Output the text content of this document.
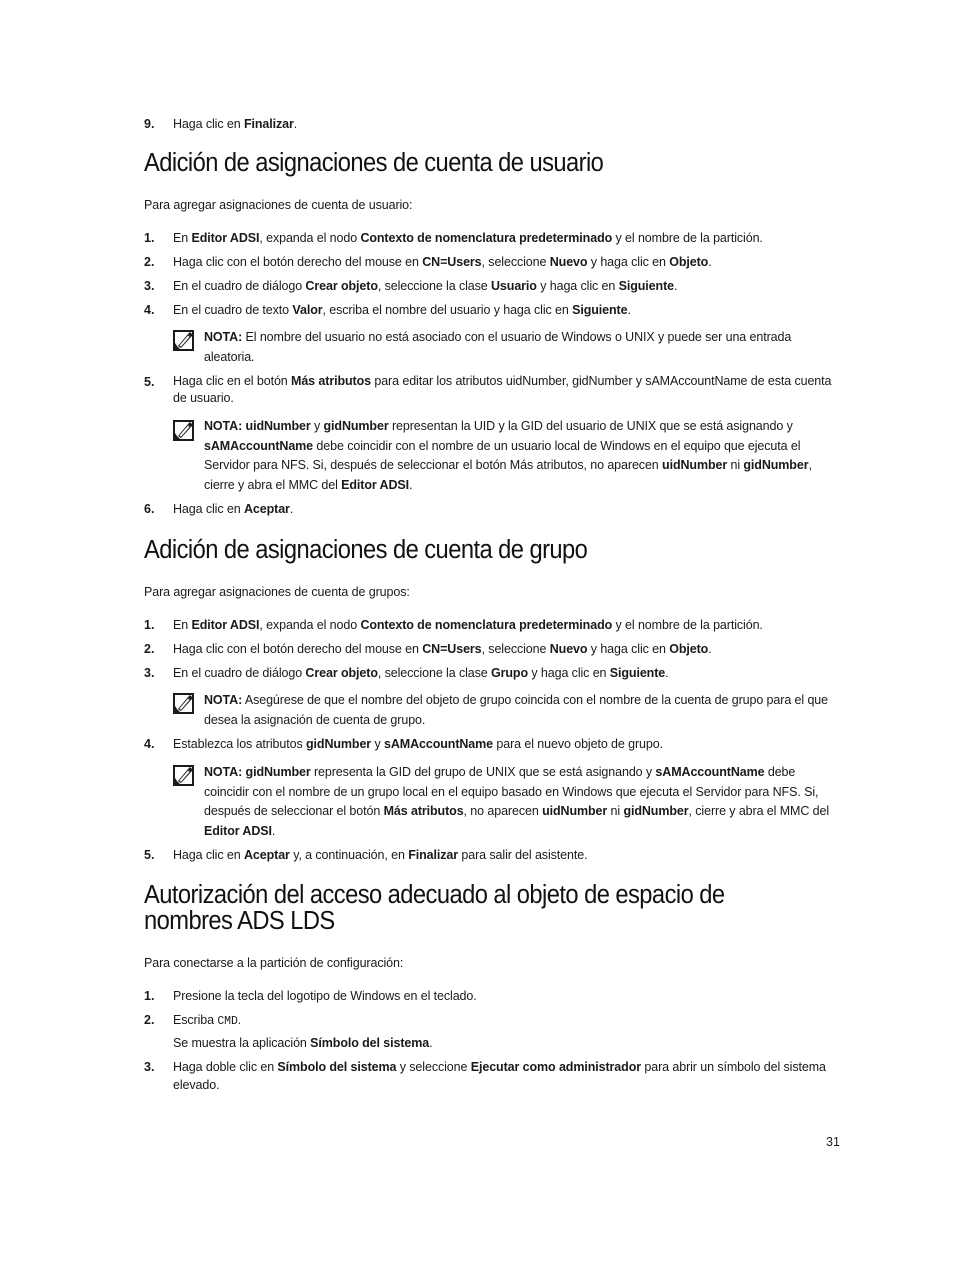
9. Haga clic en Finalizar.
Adición de asignaciones de cuenta de usuario
Para agregar asignaciones de cuenta de usuario:
1. En Editor ADSI, expanda el nodo Contexto de nomenclatura predeterminado y el nombre de la partición.
2. Haga clic con el botón derecho del mouse en CN=Users, seleccione Nuevo y haga clic en Objeto.
3. En el cuadro de diálogo Crear objeto, seleccione la clase Usuario y haga clic en Siguiente.
4. En el cuadro de texto Valor, escriba el nombre del usuario y haga clic en Siguiente.
NOTA: El nombre del usuario no está asociado con el usuario de Windows o UNIX y puede ser una entrada aleatoria.
5. Haga clic en el botón Más atributos para editar los atributos uidNumber, gidNumber y sAMAccountName de esta cuenta de usuario.
NOTA: uidNumber y gidNumber representan la UID y la GID del usuario de UNIX que se está asignando y sAMAccountName debe coincidir con el nombre de un usuario local de Windows en el equipo que ejecuta el Servidor para NFS. Si, después de seleccionar el botón Más atributos, no aparecen uidNumber ni gidNumber, cierre y abra el MMC del Editor ADSI.
6. Haga clic en Aceptar.
Adición de asignaciones de cuenta de grupo
Para agregar asignaciones de cuenta de grupos:
1. En Editor ADSI, expanda el nodo Contexto de nomenclatura predeterminado y el nombre de la partición.
2. Haga clic con el botón derecho del mouse en CN=Users, seleccione Nuevo y haga clic en Objeto.
3. En el cuadro de diálogo Crear objeto, seleccione la clase Grupo y haga clic en Siguiente.
NOTA: Asegúrese de que el nombre del objeto de grupo coincida con el nombre de la cuenta de grupo para el que desea la asignación de cuenta de grupo.
4. Establezca los atributos gidNumber y sAMAccountName para el nuevo objeto de grupo.
NOTA: gidNumber representa la GID del grupo de UNIX que se está asignando y sAMAccountName debe coincidir con el nombre de un grupo local en el equipo basado en Windows que ejecuta el Servidor para NFS. Si, después de seleccionar el botón Más atributos, no aparecen uidNumber ni gidNumber, cierre y abra el MMC del Editor ADSI.
5. Haga clic en Aceptar y, a continuación, en Finalizar para salir del asistente.
Autorización del acceso adecuado al objeto de espacio de
nombres ADS LDS
Para conectarse a la partición de configuración:
1. Presione la tecla del logotipo de Windows en el teclado.
2. Escriba CMD.
Se muestra la aplicación Símbolo del sistema.
3. Haga doble clic en Símbolo del sistema y seleccione Ejecutar como administrador para abrir un símbolo del sistema elevado.
31
